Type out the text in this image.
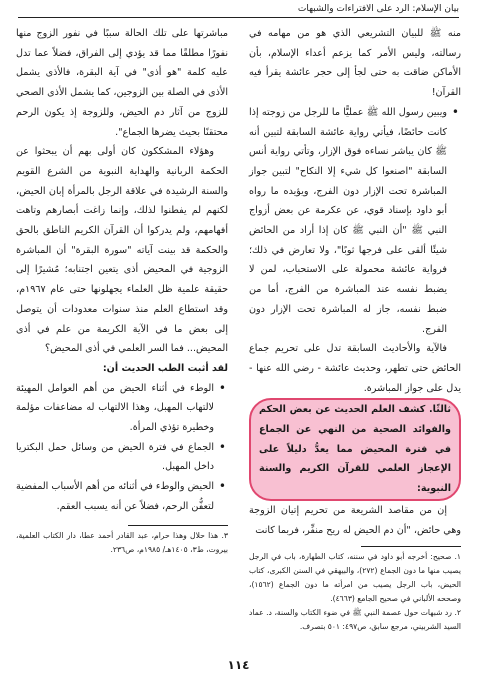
بيان الإسلام: الرد على الافتراءات والشبهات

منه ﷺ للبيان التشريعي الذي هو من مهامه في رسالته، وليس الأمر كما يزعم أعداء الإسلام، بأن الأماكن ضاقت به حتى لجأ إلى حجر عائشة يقرأ فيه القرآن!

• ويبين رسول الله ﷺ عمليًّا ما للرجل من زوجته إذا كانت حائضًا، فيأتي رواية عائشة السابقة لتبين أنه ﷺ كان يباشر نساءه فوق الإزار، وتأتي رواية أنس السابقة "اصنعوا كل شيء إلا النكاح" لتبين جواز المباشرة تحت الإزار دون الفرج، ويؤيده ما رواه أبو داود بإسناد قوي، عن عكرمة عن بعض أزواج النبي ﷺ "أن النبي ﷺ كان إذا أراد من الحائض شيئًا ألقى على فرجها ثوبًا"، ولا تعارض في ذلك؛ فرواية عائشة محمولة على الاستحباب، لمن لا يضبط نفسه عند المباشرة من الفرج، أما من ضبط نفسه، جاز له المباشرة تحت الإزار دون الفرج.

فالآية والأحاديث السابقة تدل على تحريم جماع الحائض حتى تطهر، وحديث عائشة - رضي الله عنها - يدل على جواز المباشرة.

ثالثًا. كشف العلم الحديث عن بعض الحكم والفوائد الصحية من النهي عن الجماع في فترة المحيض مما يعدُّ دليلاً على الإعجاز العلمي للقرآن الكريم والسنة النبوية:

إن من مقاصد الشريعة من تحريم إتيان الزوجة وهي حائض، "أن دم الحيض له ريح منفِّر، فربما كانت

١. صحيح: أخرجه أبو داود في سننه، كتاب الطهارة، باب في الرجل يصيب منها ما دون الجماع (٢٧٢)، والبيهقي في السنن الكبرى، كتاب الحيض، باب الرجل يصيب من امرأته ما دون الجماع (١٥٦٢)، وصححه الألباني في صحيح الجامع (٤٦٦٣).

٢. رد شبهات حول عصمة النبي ﷺ في ضوء الكتاب والسنة، د. عماد السيد الشربيني، مرجع سابق، ص٤٩٧: ٥٠١ بتصرف.

مباشرتها على تلك الحالة سببًا في نفور الزوج منها نفورًا مطلقًا مما قد يؤدي إلى الفراق، فضلاً عما تدل عليه كلمة "هو أذى" في آية البقرة، فالأذى يشمل الأذى في الصلة بين الزوجين، كما يشمل الأذى الصحي للزوج من آثار دم الحيض، وللزوجة إذ يكون الرحم محتقنًا بحيث يضرها الجماع".

وهؤلاء المشككون كان أولى بهم أن يبحثوا عن الحكمة الربانية والهداية النبوية من الشرع القويم والسنة الرشيدة في علاقة الرجل بالمرأة إبان الحيض، لكنهم لم يفطنوا لذلك، وإنما زاغت أبصارهم وتاهت أفهامهم، ولم يدركوا أن القرآن الكريم الناطق بالحق والحكمة قد بينت آياته "سورة البقرة" أن المباشرة الزوجية في المحيض أذى يتعين اجتنابه؛ مُشيرًا إلى حقيقة علمية ظل العلماء يجهلونها حتى عام ١٩٦٧م، وقد استطاع العلم منذ سنوات معدودات أن يتوصل إلى بعض ما في الآية الكريمة من علم في أذى المحيض... فما السر العلمي في أذى المحيض؟

لقد أثبت الطب الحديث أن:

• الوطء في أثناء الحيض من أهم العوامل المهيئة لالتهاب المهبل، وهذا الالتهاب له مضاعفات مؤلمة وخطيرة تؤذي المرأة.

• الجماع في فترة الحيض من وسائل حمل البكتريا داخل المهبل.

• الحيض والوطء في أثنائه من أهم الأسباب المفضية لتعفُّن الرحم، فضلاً عن أنه يسبب العقم.

٣. هذا حلال وهذا حرام، عبد القادر أحمد عطا، دار الكتاب العلمية، بيروت، ط٣، ١٤٠٥هـ/ ١٩٨٥م، ص٢٣٦.

١١٤
